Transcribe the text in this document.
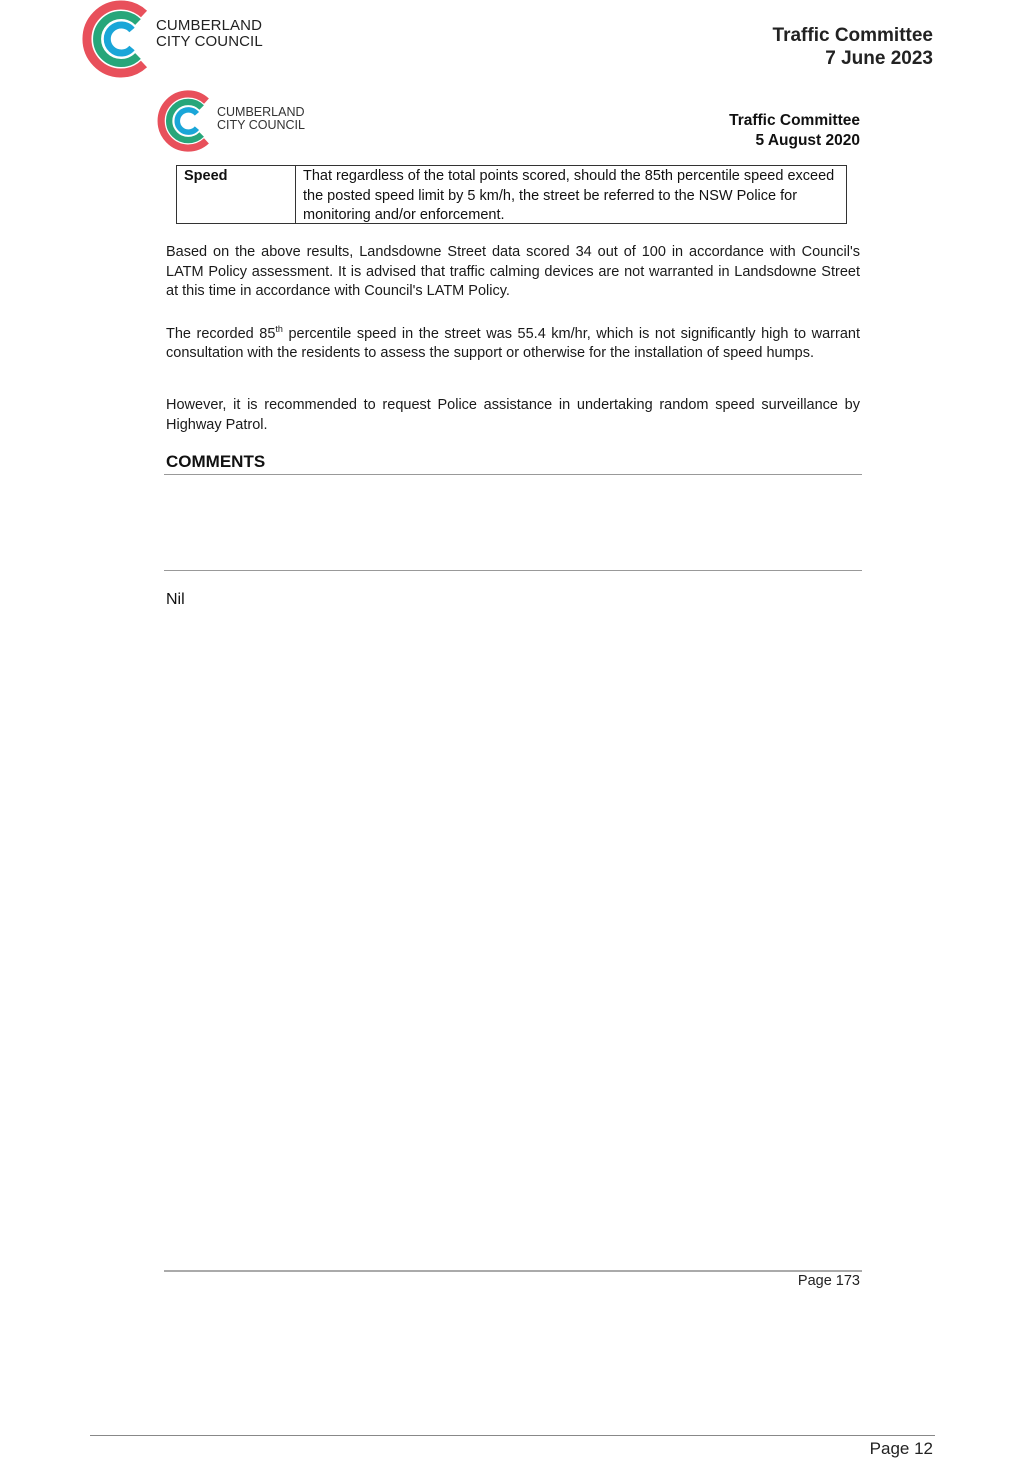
CUMBERLAND
CITY COUNCIL	Traffic Committee
7 June 2023
CUMBERLAND
CITY COUNCIL	Traffic Committee
5 August 2020
Speed	That regardless of the total points scored, should the 85th percentile speed exceed the posted speed limit by 5 km/h, the street be referred to the NSW Police for monitoring and/or enforcement.
Based on the above results, Landsdowne Street data scored 34 out of 100 in accordance with Council's LATM Policy assessment. It is advised that traffic calming devices are not warranted in Landsdowne Street at this time in accordance with Council's LATM Policy.
The recorded 85th percentile speed in the street was 55.4 km/hr, which is not significantly high to warrant consultation with the residents to assess the support or otherwise for the installation of speed humps.
However, it is recommended to request Police assistance in undertaking random speed surveillance by Highway Patrol.
COMMENTS
Nil
Page 173
Page 12
